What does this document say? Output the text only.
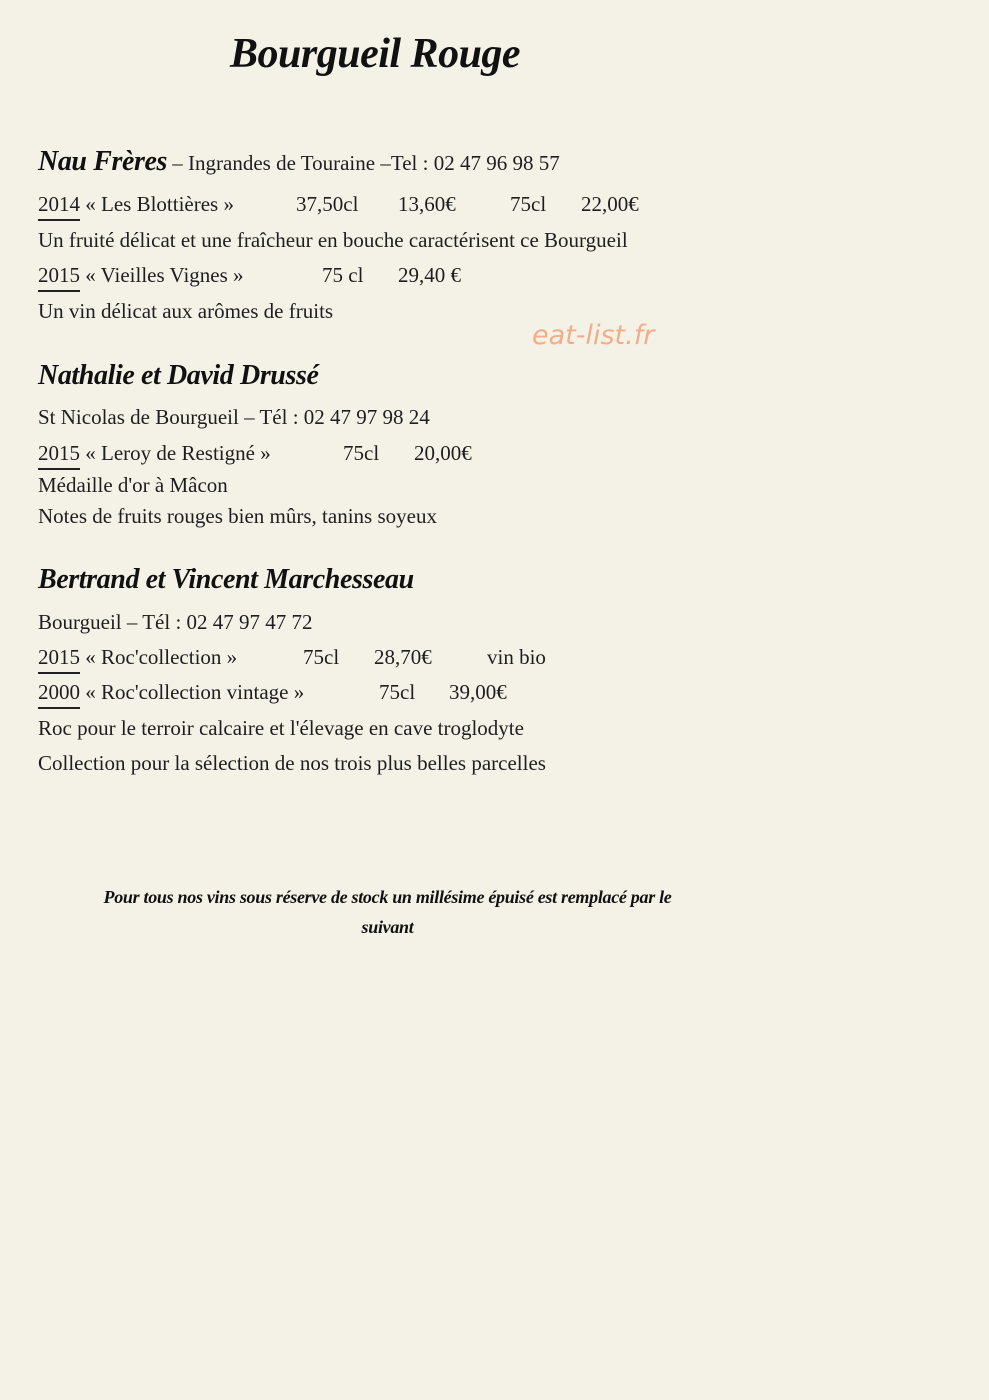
Bourgueil Rouge
Nau Frères – Ingrandes de Touraine –Tel : 02 47 96 98 57
2014 « Les Blottières »	37,50cl 13,60€	75cl 22,00€
Un fruité délicat et une fraîcheur en bouche caractérisent ce Bourgueil
2015 « Vieilles Vignes »	75 cl 29,40 €
Un vin délicat aux arômes de fruits
eat-list.fr
Nathalie et David Drussé
St Nicolas de Bourgueil – Tél : 02 47 97 98 24
2015 « Leroy de Restigné »	75cl 20,00€
Médaille d'or à Mâcon
Notes de fruits rouges bien mûrs, tanins soyeux
Bertrand et Vincent Marchesseau
Bourgueil – Tél : 02 47 97 47 72
2015 « Roc'collection »	75cl 28,70€	vin bio
2000 « Roc'collection vintage »	75cl 39,00€
Roc pour le terroir calcaire et l'élevage en cave troglodyte
Collection pour la sélection de nos trois plus belles parcelles
Pour tous nos vins sous réserve de stock un millésime épuisé est remplacé par le
suivant
